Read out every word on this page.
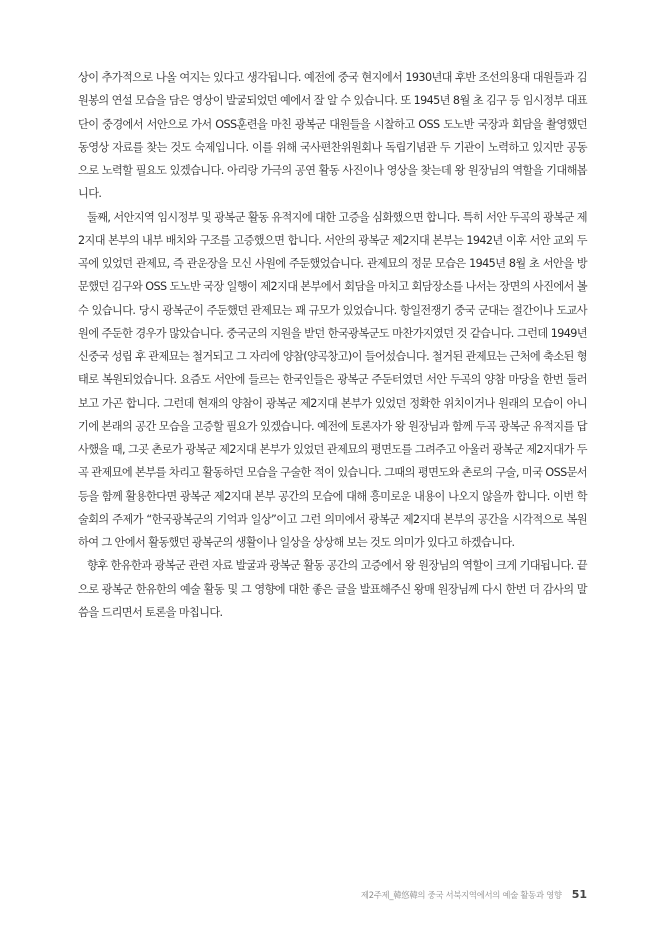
상이 추가적으로 나올 여지는 있다고 생각됩니다. 예전에 중국 현지에서 1930년대 후반 조선의용대 대원들과 김원봉의 연설 모습을 담은 영상이 발굴되었던 예에서 잘 알 수 있습니다. 또 1945년 8월 초 김구 등 임시정부 대표단이 중경에서 서안으로 가서 OSS훈련을 마친 광복군 대원들을 시찰하고 OSS 도노반 국장과 회담을 촬영했던 동영상 자료를 찾는 것도 숙제입니다. 이를 위해 국사편찬위원회나 독립기념관 두 기관이 노력하고 있지만 공동으로 노력할 필요도 있겠습니다. 아리랑 가극의 공연 활동 사진이나 영상을 찾는데 왕 원장님의 역할을 기대해봅니다.

둘째, 서안지역 임시정부 및 광복군 활동 유적지에 대한 고증을 심화했으면 합니다. 특히 서안 두곡의 광복군 제2지대 본부의 내부 배치와 구조를 고증했으면 합니다. 서안의 광복군 제2지대 본부는 1942년 이후 서안 교외 두곡에 있었던 관제묘, 즉 관운장을 모신 사원에 주둔했었습니다. 관제묘의 정문 모습은 1945년 8월 초 서안을 방문했던 김구와 OSS 도노반 국장 일행이 제2지대 본부에서 회담을 마치고 회담장소를 나서는 장면의 사진에서 볼 수 있습니다. 당시 광복군이 주둔했던 관제묘는 꽤 규모가 있었습니다. 항일전쟁기 중국 군대는 절간이나 도교사원에 주둔한 경우가 많았습니다. 중국군의 지원을 받던 한국광복군도 마찬가지였던 것 같습니다. 그런데 1949년 신중국 성립 후 관제묘는 철거되고 그 자리에 양참(양곡창고)이 들어섰습니다. 철거된 관제묘는 근처에 축소된 형태로 복원되었습니다. 요즘도 서안에 들르는 한국인들은 광복군 주둔터였던 서안 두곡의 양참 마당을 한번 둘러보고 가곤 합니다. 그런데 현재의 양참이 광복군 제2지대 본부가 있었던 정확한 위치이거나 원래의 모습이 아니기에 본래의 공간 모습을 고증할 필요가 있겠습니다. 예전에 토론자가 왕 원장님과 함께 두곡 광복군 유적지를 답사했을 때, 그곳 촌로가 광복군 제2지대 본부가 있었던 관제묘의 평면도를 그려주고 아울러 광복군 제2지대가 두곡 관제묘에 본부를 차리고 활동하던 모습을 구술한 적이 있습니다. 그때의 평면도와 촌로의 구술, 미국 OSS문서 등을 함께 활용한다면 광복군 제2지대 본부 공간의 모습에 대해 흥미로운 내용이 나오지 않을까 합니다. 이번 학술회의 주제가 “한국광복군의 기억과 일상”이고 그런 의미에서 광복군 제2지대 본부의 공간을 시각적으로 복원하여 그 안에서 활동했던 광복군의 생활이나 일상을 상상해 보는 것도 의미가 있다고 하겠습니다.

향후 한유한과 광복군 관련 자료 발굴과 광복군 활동 공간의 고증에서 왕 원장님의 역할이 크게 기대됩니다. 끝으로 광복군 한유한의 예술 활동 및 그 영향에 대한 좋은 글을 발표해주신 왕매 원장님께 다시 한번 더 감사의 말씀을 드리면서 토론을 마칩니다.

제2주제_韓悠韓의 중국 서북지역에서의 예술 활동과 영향 51
